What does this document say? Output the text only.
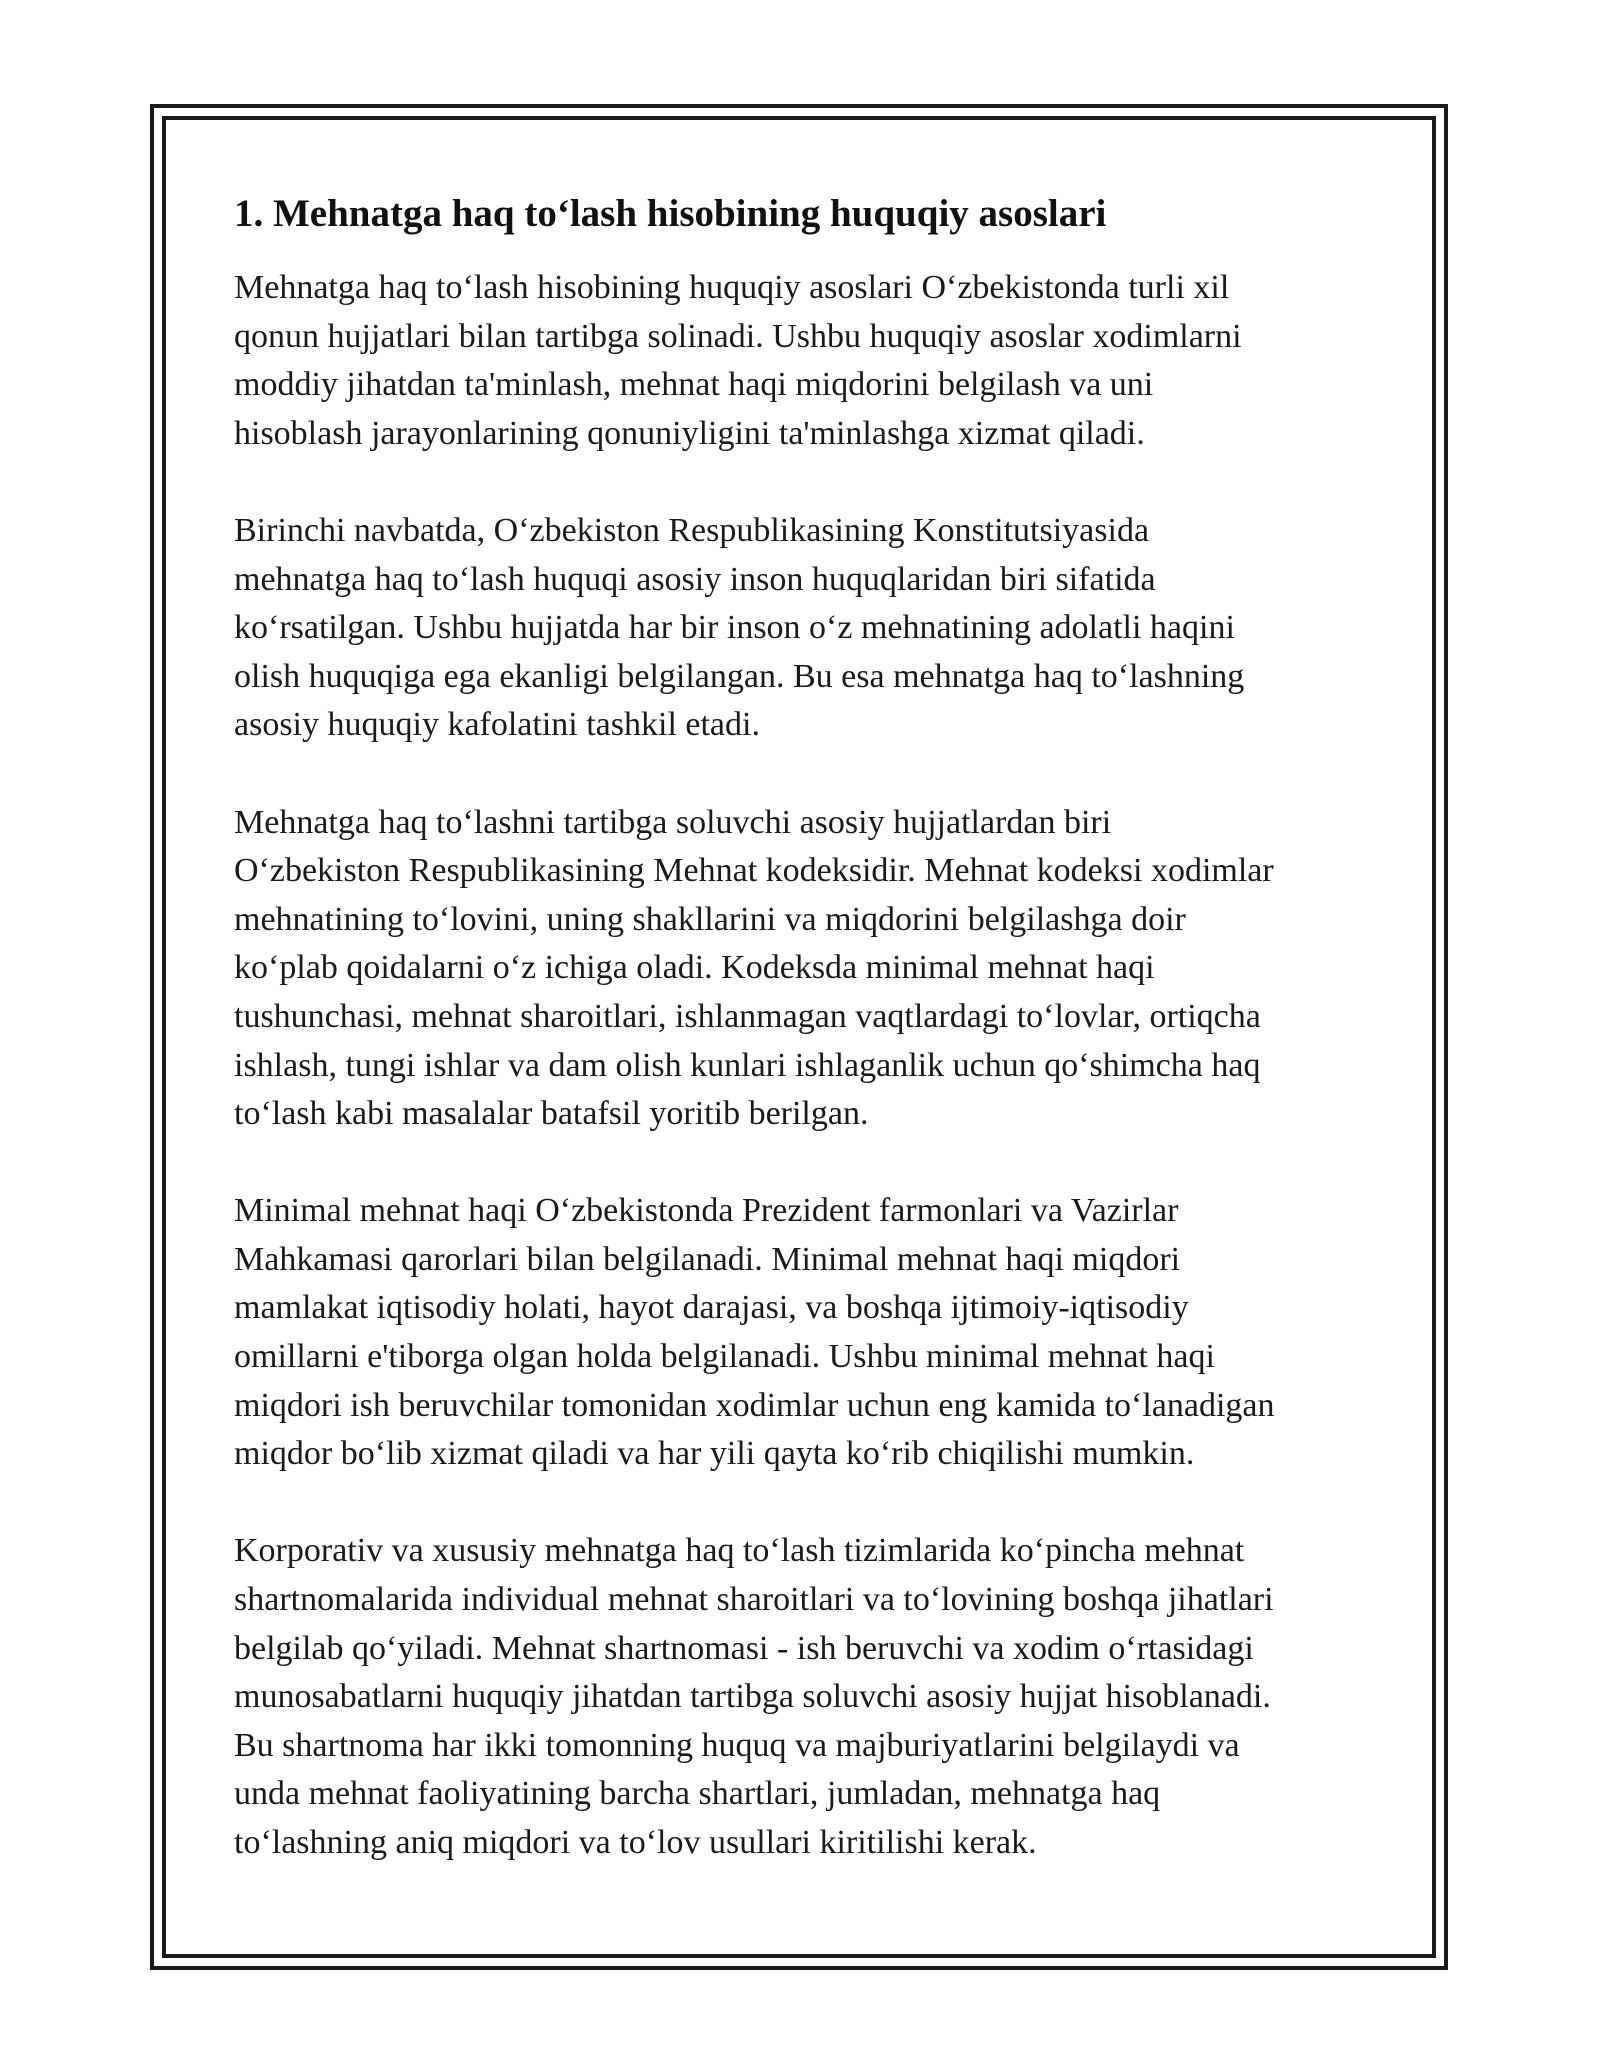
1. Mehnatga haq to‘lash hisobining huquqiy asoslari

Mehnatga haq to‘lash hisobining huquqiy asoslari O‘zbekistonda turli xil
qonun hujjatlari bilan tartibga solinadi. Ushbu huquqiy asoslar xodimlarni
moddiy jihatdan ta'minlash, mehnat haqi miqdorini belgilash va uni
hisoblash jarayonlarining qonuniyligini ta'minlashga xizmat qiladi.

Birinchi navbatda, O‘zbekiston Respublikasining Konstitutsiyasida
mehnatga haq to‘lash huquqi asosiy inson huquqlaridan biri sifatida
ko‘rsatilgan. Ushbu hujjatda har bir inson o‘z mehnatining adolatli haqini
olish huquqiga ega ekanligi belgilangan. Bu esa mehnatga haq to‘lashning
asosiy huquqiy kafolatini tashkil etadi.

Mehnatga haq to‘lashni tartibga soluvchi asosiy hujjatlardan biri
O‘zbekiston Respublikasining Mehnat kodeksidir. Mehnat kodeksi xodimlar
mehnatining to‘lovini, uning shakllarini va miqdorini belgilashga doir
ko‘plab qoidalarni o‘z ichiga oladi. Kodeksda minimal mehnat haqi
tushunchasi, mehnat sharoitlari, ishlanmagan vaqtlardagi to‘lovlar, ortiqcha
ishlash, tungi ishlar va dam olish kunlari ishlaganlik uchun qo‘shimcha haq
to‘lash kabi masalalar batafsil yoritib berilgan.

Minimal mehnat haqi O‘zbekistonda Prezident farmonlari va Vazirlar
Mahkamasi qarorlari bilan belgilanadi. Minimal mehnat haqi miqdori
mamlakat iqtisodiy holati, hayot darajasi, va boshqa ijtimoiy-iqtisodiy
omillarni e'tiborga olgan holda belgilanadi. Ushbu minimal mehnat haqi
miqdori ish beruvchilar tomonidan xodimlar uchun eng kamida to‘lanadigan
miqdor bo‘lib xizmat qiladi va har yili qayta ko‘rib chiqilishi mumkin.

Korporativ va xususiy mehnatga haq to‘lash tizimlarida ko‘pincha mehnat
shartnomalarida individual mehnat sharoitlari va to‘lovining boshqa jihatlari
belgilab qo‘yiladi. Mehnat shartnomasi - ish beruvchi va xodim o‘rtasidagi
munosabatlarni huquqiy jihatdan tartibga soluvchi asosiy hujjat hisoblanadi.
Bu shartnoma har ikki tomonning huquq va majburiyatlarini belgilaydi va
unda mehnat faoliyatining barcha shartlari, jumladan, mehnatga haq
to‘lashning aniq miqdori va to‘lov usullari kiritilishi kerak.
